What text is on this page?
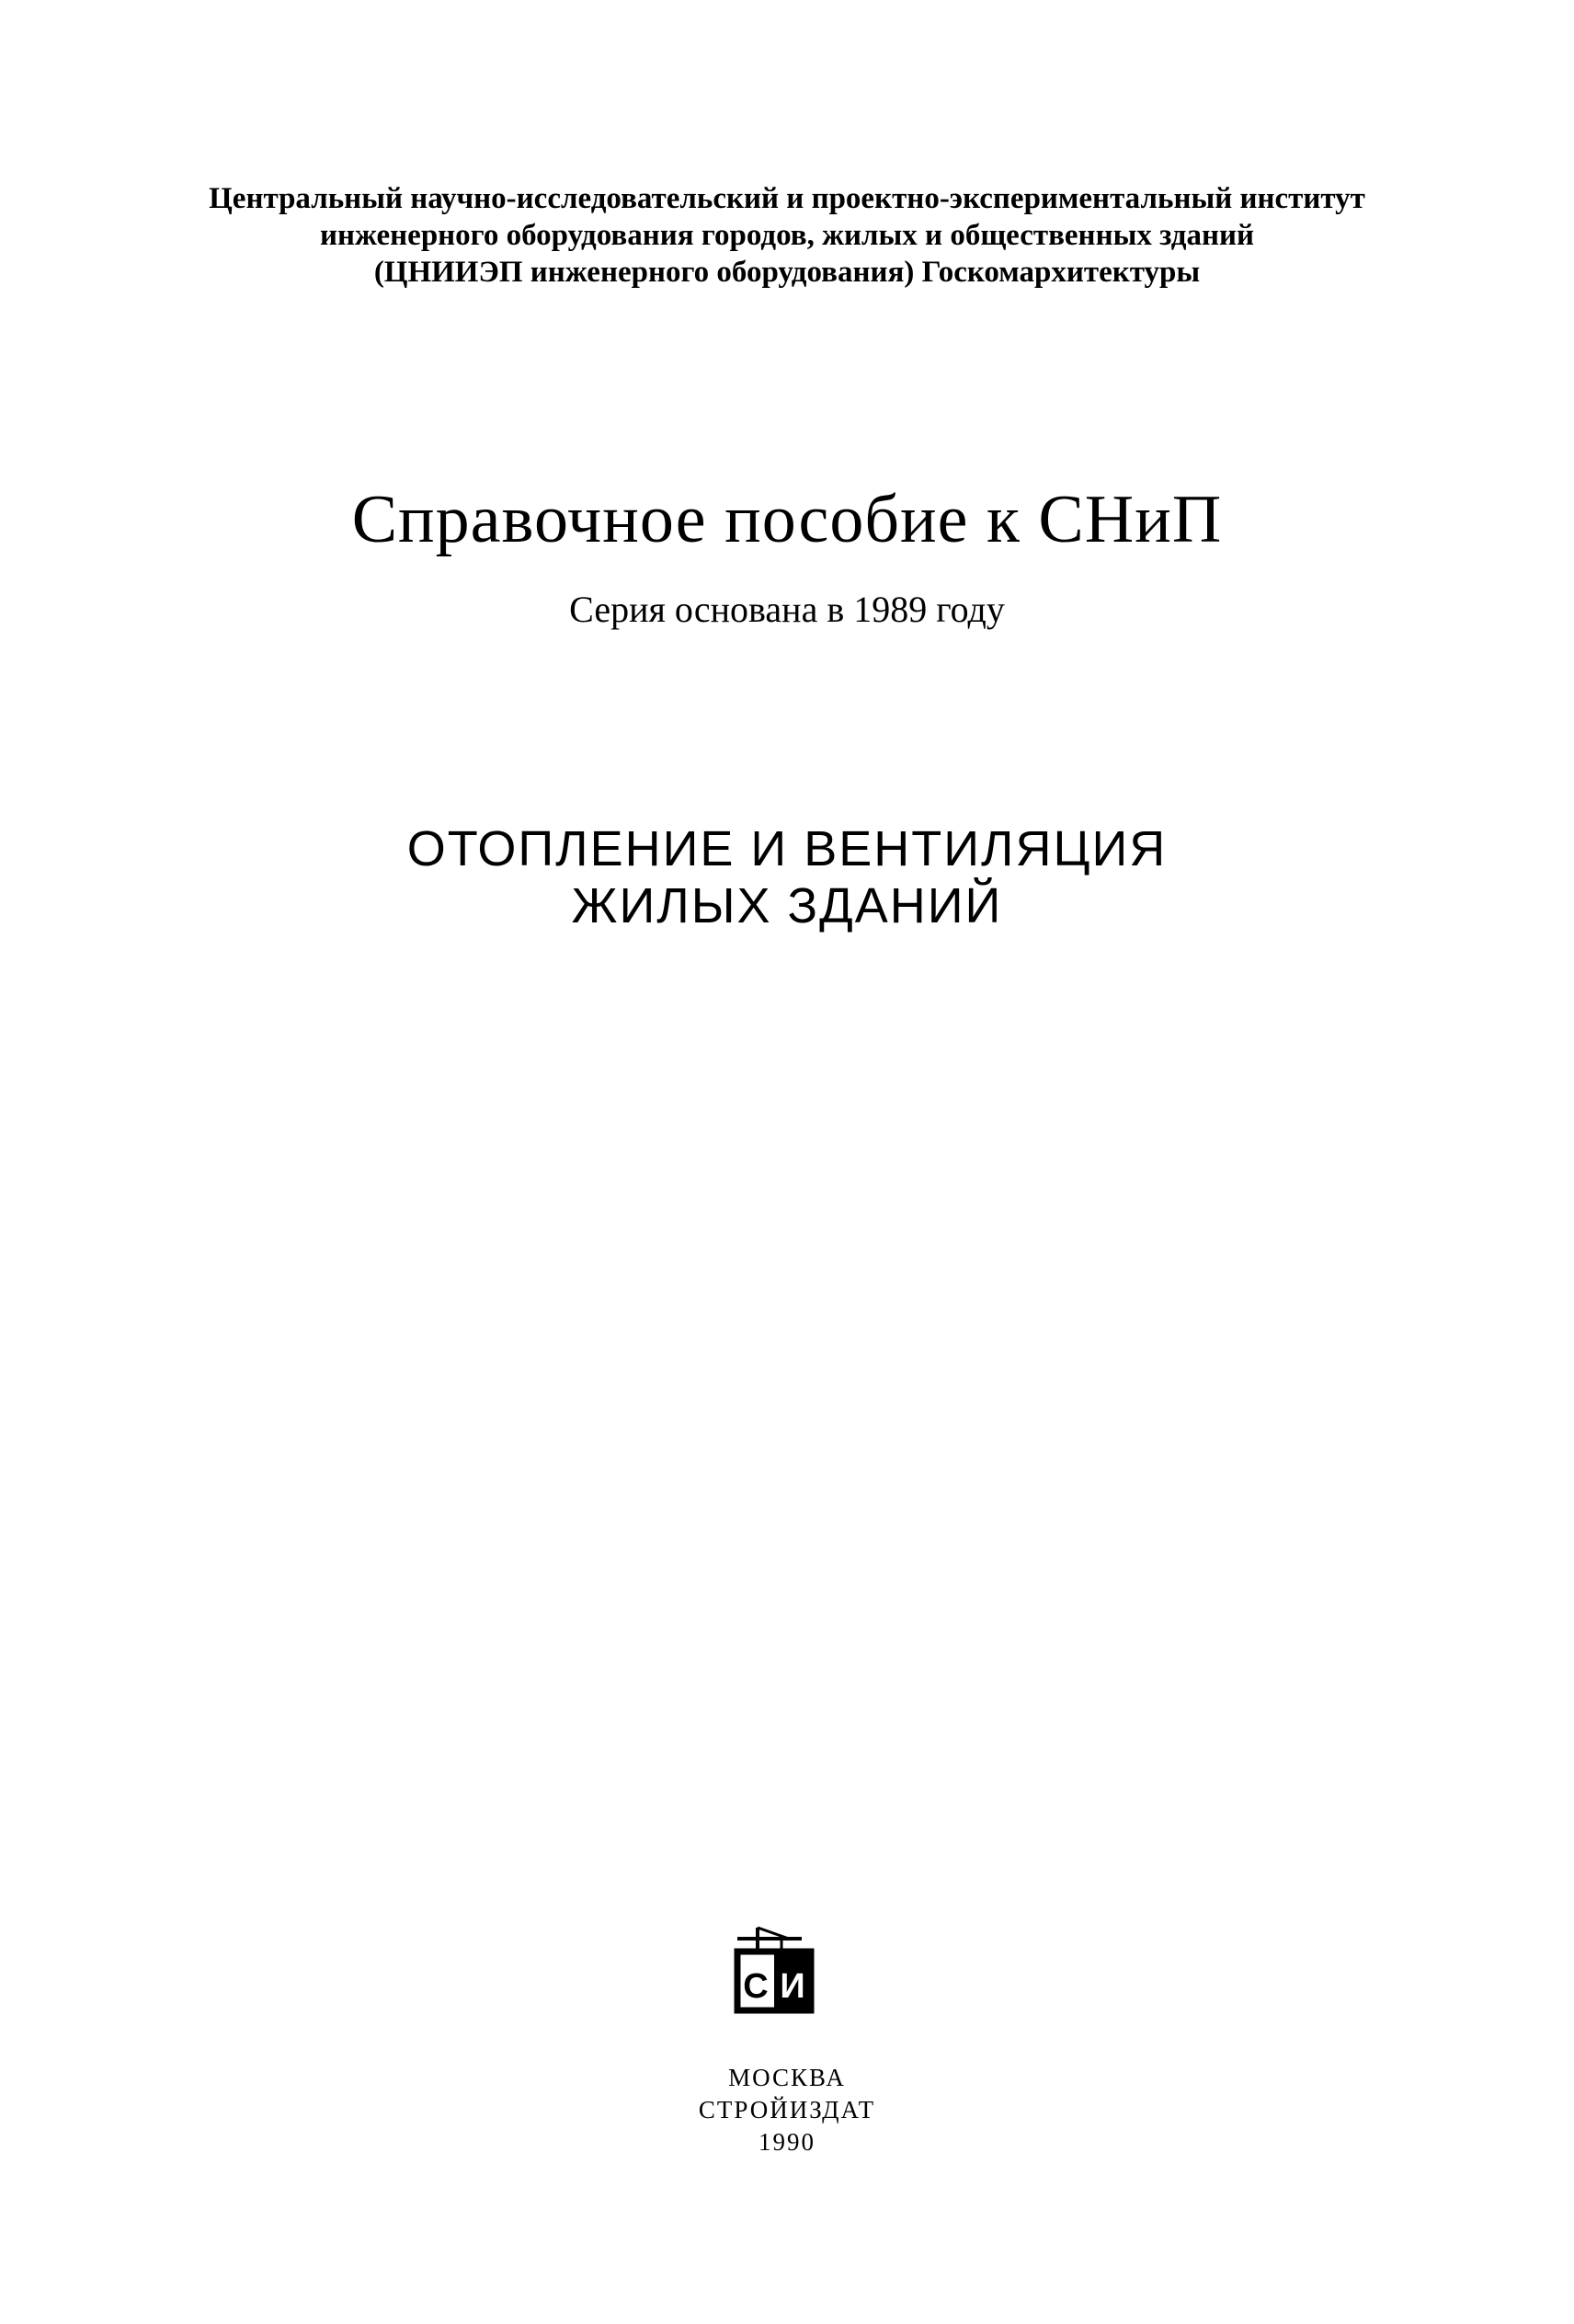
Центральный научно-исследовательский и проектно-экспериментальный институт
инженерного оборудования городов, жилых и общественных зданий
(ЦНИИЭП инженерного оборудования) Госкомархитектуры
Справочное пособие к СНиП
Серия основана в 1989 году
ОТОПЛЕНИЕ И ВЕНТИЛЯЦИЯ
ЖИЛЫХ ЗДАНИЙ
С И
МОСКВА
СТРОЙИЗДАТ
1990
